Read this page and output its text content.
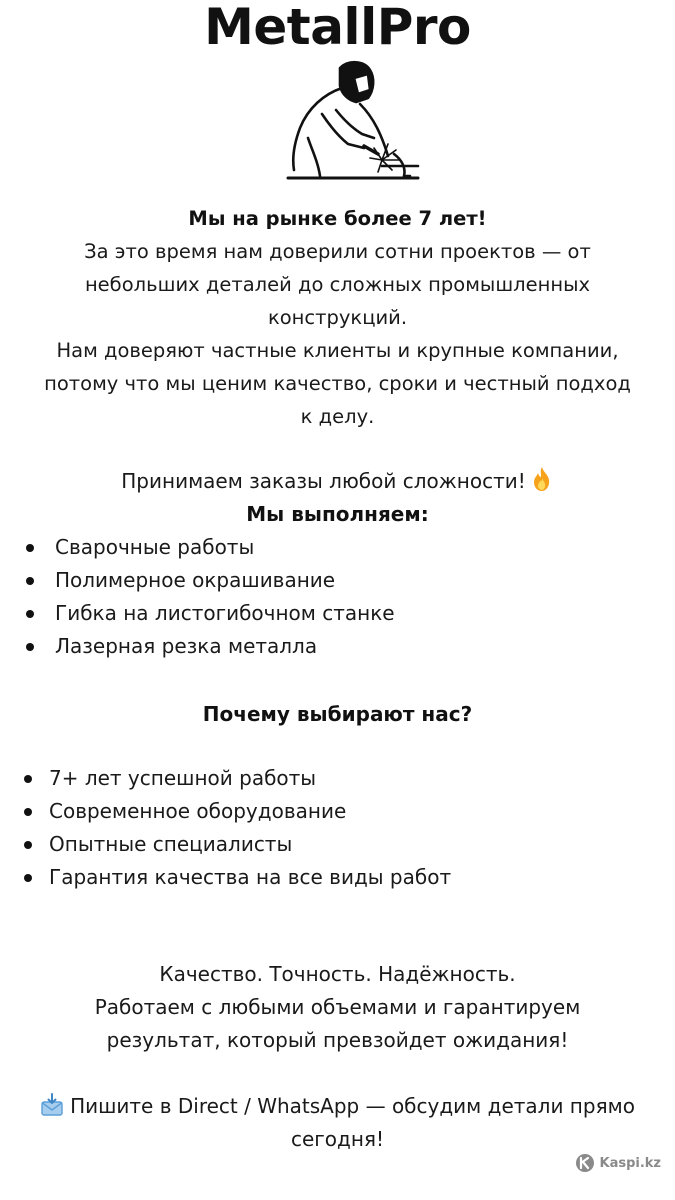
MetallPro
Мы на рынке более 7 лет!
За это время нам доверили сотни проектов — от
небольших деталей до сложных промышленных
конструкций.
Нам доверяют частные клиенты и крупные компании,
потому что мы ценим качество, сроки и честный подход
к делу.
Принимаем заказы любой сложности!
Мы выполняем:
Сварочные работы
Полимерное окрашивание
Гибка на листогибочном станке
Лазерная резка металла
Почему выбирают нас?
7+ лет успешной работы
Современное оборудование
Опытные специалисты
Гарантия качества на все виды работ
Качество. Точность. Надёжность.
Работаем с любыми объемами и гарантируем
результат, который превзойдет ожидания!
Пишите в Direct / WhatsApp — обсудим детали прямо
сегодня!
Kaspi.kz
